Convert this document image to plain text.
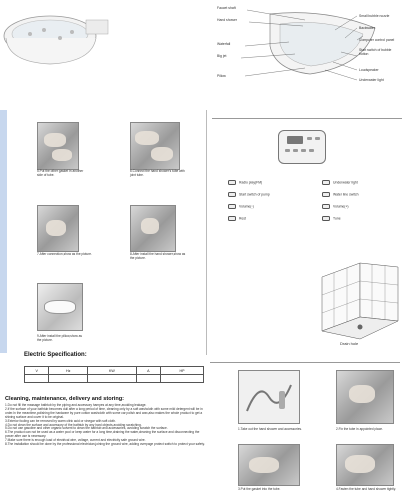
Faucet shaft
Hand shower
Waterfall
Big jet
Pillow
Small bubble nozzle
Backwater
Computer control panel
Start switch of bubble button
Loudspeaker
Underwater light
5.Put the other gasket in another side of tube.
6.Connect the hand shower's tube with joint tube.
7.After connection,show as the picture.	8.After install the hand shower,show as the picture.
9.After install the pillow,show as the picture.
Radio play(FM)	Underwater light
Start switch of pump	Water line switch
Volume(-)	Volume(+)
Rest	Tune
Drain hole
Electric Specification:
V	Hz	KW	A	HP

Cleaning, maintenance, delivery and storing:
1.Do not fill the massage bathtub by the piping and accessory hampes at any time,avoiding leakage.
2.If the surface of your bathtub becomes dull after a long period of time, cleaning only by a soft washcloth with some mild detergent will be in order.In the meantime,polishing the hardware by pure cotton washcloth with some car polish and wax,also makes the whole product to get a shining surface and cover it to be original.
3.Exterior fouling can be removed by warm citric acid or vinegar with soft cloth.
4.Do not clean the surface and accessory of the bathtub by any hard objects,avoiding scratching.
5.Do not use gasoline and other organic solvent to clean the bathtub and accessories, avoiding scratch the surface.
6.The product can not be used as a water pool or keep water for a long time,draining the water,cleaning the surface and disconnecting the power after use is necessary.
7.Make sure there is enough load of electrical wire, voltage, current and electricity safe ground wire.
8.The installation should be done by the professional electrician,joining the ground wire, adding overpage protect switch to protect your safety.
1.Take out the hand shower and accessories.	2.Fix the tube in appointed place.
3.Put the gasket into the tube.	4.Fasten the tube and hand shower tightly.
